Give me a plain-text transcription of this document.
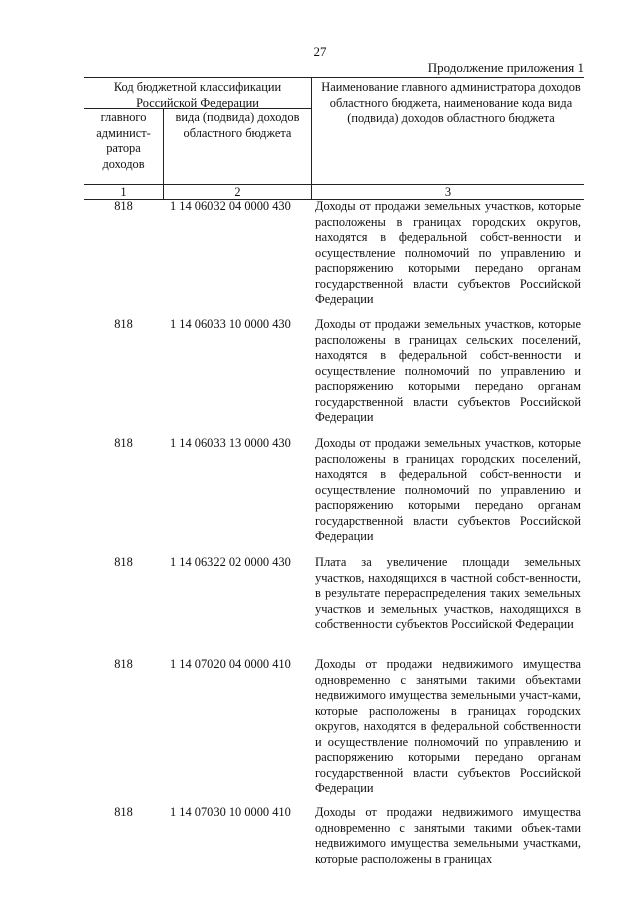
27
Продолжение приложения 1
Код бюджетной классификации Российской Федерации
главного админист-ратора доходов
вида (подвида) доходов областного бюджета
Наименование главного администратора доходов областного бюджета, наименование кода вида (подвида) доходов областного бюджета
1	2	3
818	1 14 06032 04 0000 430	Доходы от продажи земельных участков, которые расположены в границах городских округов, находятся в федеральной собст-венности и осуществление полномочий по управлению и распоряжению которыми передано органам государственной власти субъектов Российской Федерации
818	1 14 06033 10 0000 430	Доходы от продажи земельных участков, которые расположены в границах сельских поселений, находятся в федеральной собст-венности и осуществление полномочий по управлению и распоряжению которыми передано органам государственной власти субъектов Российской Федерации
818	1 14 06033 13 0000 430	Доходы от продажи земельных участков, которые расположены в границах городских поселений, находятся в федеральной собст-венности и осуществление полномочий по управлению и распоряжению которыми передано органам государственной власти субъектов Российской Федерации
818	1 14 06322 02 0000 430	Плата за увеличение площади земельных участков, находящихся в частной собст-венности, в результате перераспределения таких земельных участков и земельных участков, находящихся в собственности субъектов Российской Федерации
818	1 14 07020 04 0000 410	Доходы от продажи недвижимого имущества одновременно с занятыми такими объектами недвижимого имущества земельными участ-ками, которые расположены в границах городских округов, находятся в федеральной собственности и осуществление полномочий по управлению и распоряжению которыми передано органам государственной власти субъектов Российской Федерации
818	1 14 07030 10 0000 410	Доходы от продажи недвижимого имущества одновременно с занятыми такими объек-тами недвижимого имущества земельными участками, которые расположены в границах
